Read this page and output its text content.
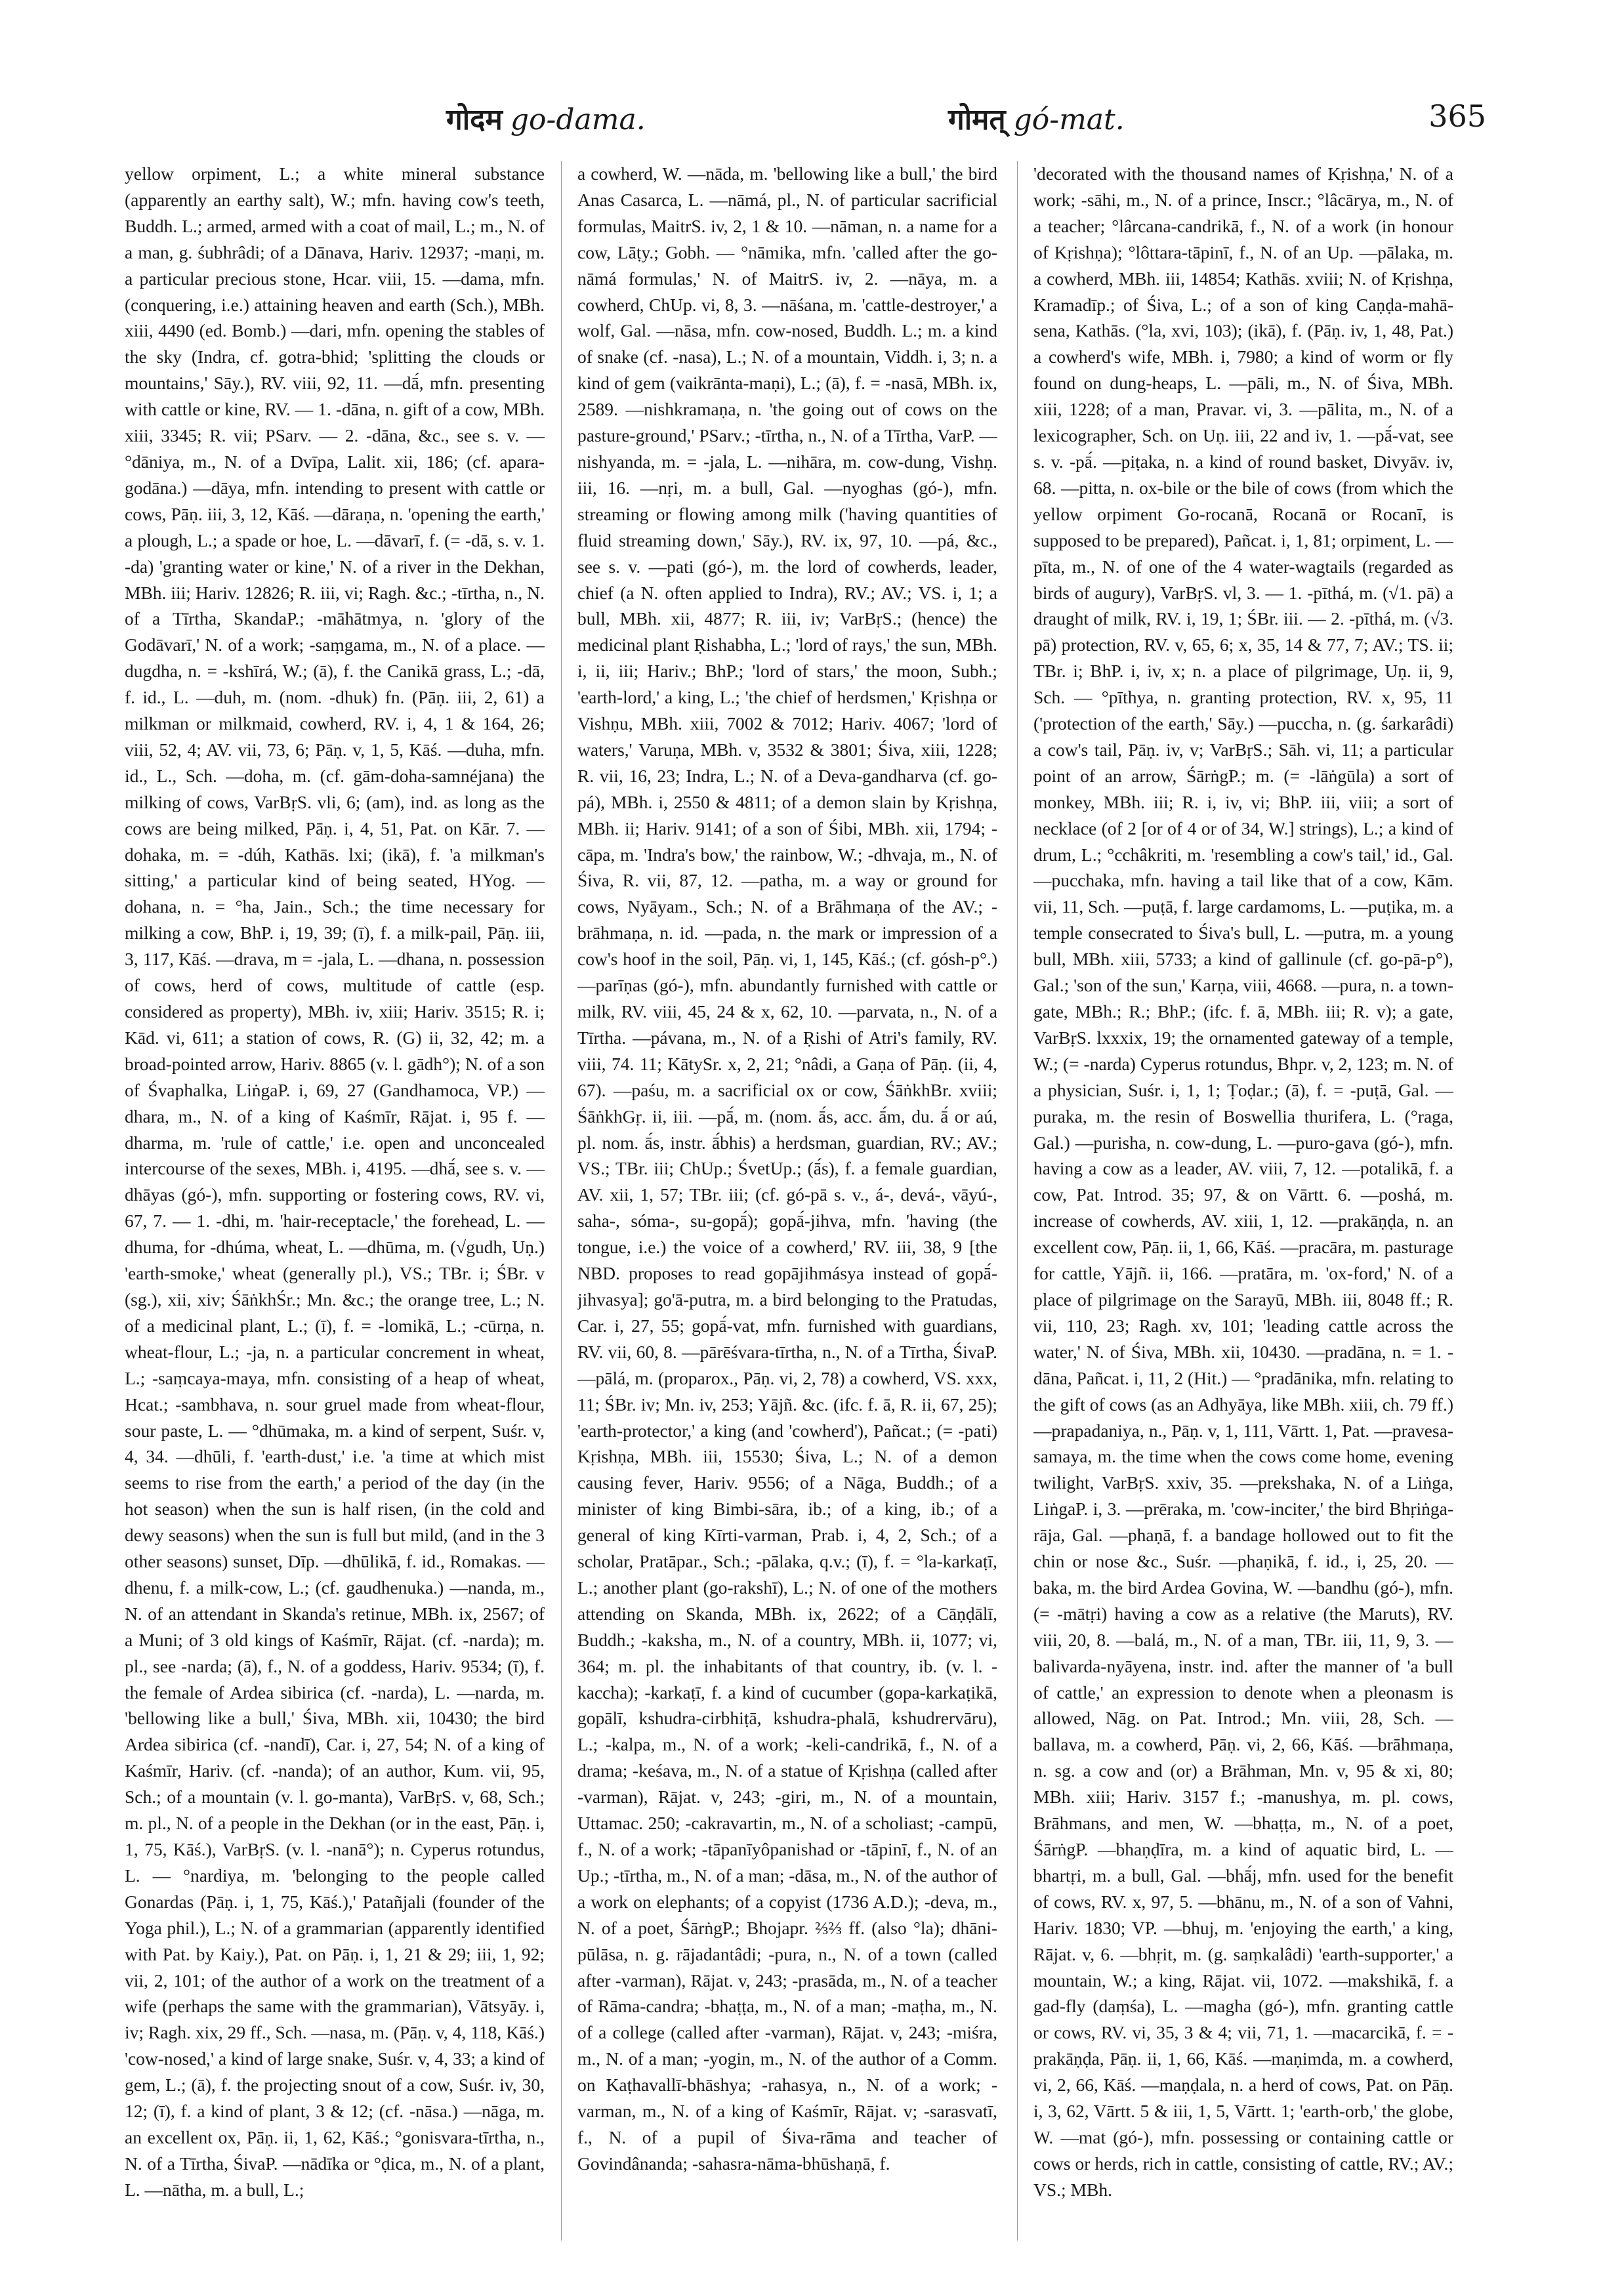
गोदम go-dama.	गोमत् gó-mat.	365

yellow orpiment, L.; a white mineral substance (apparently an earthy salt), W.; mfn. having cow's teeth, Buddh. L.; armed, armed with a coat of mail, L.; m., N. of a man, g. śubhrâdi; of a Dānava, Hariv. 12937; -maṇi, m. a particular precious stone, Hcar. viii, 15. —dama, mfn. (conquering, i.e.) attaining heaven and earth (Sch.), MBh. xiii, 4490 (ed. Bomb.) —dari, mfn. opening the stables of the sky (Indra, cf. gotra-bhid; 'splitting the clouds or mountains,' Sāy.), RV. viii, 92, 11. —dā́, mfn. presenting with cattle or kine, RV. — 1. -dāna, n. gift of a cow, MBh. xiii, 3345; R. vii; PSarv. — 2. -dāna, &c., see s. v. — °dāniya, m., N. of a Dvīpa, Lalit. xii, 186; (cf. apara-godāna.) —dāya, mfn. intending to present with cattle or cows, Pāṇ. iii, 3, 12, Kāś. —dāraṇa, n. 'opening the earth,' a plough, L.; a spade or hoe, L. —dāvarī, f. (= -dā, s. v. 1. -da) 'granting water or kine,' N. of a river in the Dekhan, MBh. iii; Hariv. 12826; R. iii, vi; Ragh. &c.; -tīrtha, n., N. of a Tīrtha, SkandaP.; -māhātmya, n. 'glory of the Godāvarī,' N. of a work; -saṃgama, m., N. of a place. —dugdha, n. = -kshīrá, W.; (ā), f. the Canikā grass, L.; -dā, f. id., L. —duh, m. (nom. -dhuk) fn. (Pāṇ. iii, 2, 61) a milkman or milkmaid, cowherd, RV. i, 4, 1 & 164, 26; viii, 52, 4; AV. vii, 73, 6; Pāṇ. v, 1, 5, Kāś. —duha, mfn. id., L., Sch. —doha, m. (cf. gām-doha-samnéjana) the milking of cows, VarBṛS. vli, 6; (am), ind. as long as the cows are being milked, Pāṇ. i, 4, 51, Pat. on Kār. 7. —dohaka, m. = -dúh, Kathās. lxi; (ikā), f. 'a milkman's sitting,' a particular kind of being seated, HYog. —dohana, n. = °ha, Jain., Sch.; the time necessary for milking a cow, BhP. i, 19, 39; (ī), f. a milk-pail, Pāṇ. iii, 3, 117, Kāś. —drava, m = -jala, L. —dhana, n. possession of cows, herd of cows, multitude of cattle (esp. considered as property), MBh. iv, xiii; Hariv. 3515; R. i; Kād. vi, 611; a station of cows, R. (G) ii, 32, 42; m. a broad-pointed arrow, Hariv. 8865 (v. l. gādh°); N. of a son of Śvaphalka, LiṅgaP. i, 69, 27 (Gandhamoca, VP.) —dhara, m., N. of a king of Kaśmīr, Rājat. i, 95 f. —dharma, m. 'rule of cattle,' i.e. open and unconcealed intercourse of the sexes, MBh. i, 4195. —dhā́, see s. v. —dhāyas (gó-), mfn. supporting or fostering cows, RV. vi, 67, 7. — 1. -dhi, m. 'hair-receptacle,' the forehead, L. —dhuma, for -dhúma, wheat, L. —dhūma, m. (√gudh, Uṇ.) 'earth-smoke,' wheat (generally pl.), VS.; TBr. i; ŚBr. v (sg.), xii, xiv; ŚāṅkhŚr.; Mn. &c.; the orange tree, L.; N. of a medicinal plant, L.; (ī), f. = -lomikā, L.; -cūrṇa, n. wheat-flour, L.; -ja, n. a particular concrement in wheat, L.; -saṃcaya-maya, mfn. consisting of a heap of wheat, Hcat.; -sambhava, n. sour gruel made from wheat-flour, sour paste, L. — °dhūmaka, m. a kind of serpent, Suśr. v, 4, 34. —dhūli, f. 'earth-dust,' i.e. 'a time at which mist seems to rise from the earth,' a period of the day (in the hot season) when the sun is half risen, (in the cold and dewy seasons) when the sun is full but mild, (and in the 3 other seasons) sunset, Dīp. —dhūlikā, f. id., Romakas. —dhenu, f. a milk-cow, L.; (cf. gaudhenuka.) —nanda, m., N. of an attendant in Skanda's retinue, MBh. ix, 2567; of a Muni; of 3 old kings of Kaśmīr, Rājat. (cf. -narda); m. pl., see -narda; (ā), f., N. of a goddess, Hariv. 9534; (ī), f. the female of Ardea sibirica (cf. -narda), L. —narda, m. 'bellowing like a bull,' Śiva, MBh. xii, 10430; the bird Ardea sibirica (cf. -nandī), Car. i, 27, 54; N. of a king of Kaśmīr, Hariv. (cf. -nanda); of an author, Kum. vii, 95, Sch.; of a mountain (v. l. go-manta), VarBṛS. v, 68, Sch.; m. pl., N. of a people in the Dekhan (or in the east, Pāṇ. i, 1, 75, Kāś.), VarBṛS. (v. l. -nanā°); n. Cyperus rotundus, L. — °nardiya, m. 'belonging to the people called Gonardas (Pāṇ. i, 1, 75, Kāś.),' Patañjali (founder of the Yoga phil.), L.; N. of a grammarian (apparently identified with Pat. by Kaiy.), Pat. on Pāṇ. i, 1, 21 & 29; iii, 1, 92; vii, 2, 101; of the author of a work on the treatment of a wife (perhaps the same with the grammarian), Vātsyāy. i, iv; Ragh. xix, 29 ff., Sch. —nasa, m. (Pāṇ. v, 4, 118, Kāś.) 'cow-nosed,' a kind of large snake, Suśr. v, 4, 33; a kind of gem, L.; (ā), f. the projecting snout of a cow, Suśr. iv, 30, 12; (ī), f. a kind of plant, 3 & 12; (cf. -nāsa.) —nāga, m. an excellent ox, Pāṇ. ii, 1, 62, Kāś.; °gonisvara-tīrtha, n., N. of a Tīrtha, ŚivaP. —nādīka or °ḍica, m., N. of a plant, L. —nātha, m. a bull, L.;

a cowherd, W. —nāda, m. 'bellowing like a bull,' the bird Anas Casarca, L. —nāmá, pl., N. of particular sacrificial formulas, MaitrS. iv, 2, 1 & 10. —nāman, n. a name for a cow, Lāṭy.; Gobh. — °nāmika, mfn. 'called after the go-nāmá formulas,' N. of MaitrS. iv, 2. —nāya, m. a cowherd, ChUp. vi, 8, 3. —nāśana, m. 'cattle-destroyer,' a wolf, Gal. —nāsa, mfn. cow-nosed, Buddh. L.; m. a kind of snake (cf. -nasa), L.; N. of a mountain, Viddh. i, 3; n. a kind of gem (vaikrānta-maṇi), L.; (ā), f. = -nasā, MBh. ix, 2589. —nishkramaṇa, n. 'the going out of cows on the pasture-ground,' PSarv.; -tīrtha, n., N. of a Tīrtha, VarP. —nishyanda, m. = -jala, L. —nihāra, m. cow-dung, Vishṇ. iii, 16. —nṛi, m. a bull, Gal. —nyoghas (gó-), mfn. streaming or flowing among milk ('having quantities of fluid streaming down,' Sāy.), RV. ix, 97, 10. —pá, &c., see s. v. —pati (gó-), m. the lord of cowherds, leader, chief (a N. often applied to Indra), RV.; AV.; VS. i, 1; a bull, MBh. xii, 4877; R. iii, iv; VarBṛS.; (hence) the medicinal plant Ṛishabha, L.; 'lord of rays,' the sun, MBh. i, ii, iii; Hariv.; BhP.; 'lord of stars,' the moon, Subh.; 'earth-lord,' a king, L.; 'the chief of herdsmen,' Kṛishṇa or Vishṇu, MBh. xiii, 7002 & 7012; Hariv. 4067; 'lord of waters,' Varuṇa, MBh. v, 3532 & 3801; Śiva, xiii, 1228; R. vii, 16, 23; Indra, L.; N. of a Deva-gandharva (cf. go-pá), MBh. i, 2550 & 4811; of a demon slain by Kṛishṇa, MBh. ii; Hariv. 9141; of a son of Śibi, MBh. xii, 1794; -cāpa, m. 'Indra's bow,' the rainbow, W.; -dhvaja, m., N. of Śiva, R. vii, 87, 12. —patha, m. a way or ground for cows, Nyāyam., Sch.; N. of a Brāhmaṇa of the AV.; -brāhmaṇa, n. id. —pada, n. the mark or impression of a cow's hoof in the soil, Pāṇ. vi, 1, 145, Kāś.; (cf. gósh-p°.) —parīṇas (gó-), mfn. abundantly furnished with cattle or milk, RV. viii, 45, 24 & x, 62, 10. —parvata, n., N. of a Tīrtha. —pávana, m., N. of a Ṛishi of Atri's family, RV. viii, 74. 11; KātySr. x, 2, 21; °nâdi, a Gaṇa of Pāṇ. (ii, 4, 67). —paśu, m. a sacrificial ox or cow, ŚāṅkhBr. xviii; ŚāṅkhGṛ. ii, iii. —pā́, m. (nom. ā́s, acc. ā́m, du. ā́ or aú, pl. nom. ā́s, instr. ā́bhis) a herdsman, guardian, RV.; AV.; VS.; TBr. iii; ChUp.; ŚvetUp.; (ā́s), f. a female guardian, AV. xii, 1, 57; TBr. iii; (cf. gó-pā s. v., á-, devá-, vāyú-, saha-, sóma-, su-gopā́); gopā́-jihva, mfn. 'having (the tongue, i.e.) the voice of a cowherd,' RV. iii, 38, 9 [the NBD. proposes to read gopājihmásya instead of gopā́-jihvasya]; go'ā-putra, m. a bird belonging to the Pratudas, Car. i, 27, 55; gopā́-vat, mfn. furnished with guardians, RV. vii, 60, 8. —pārēśvara-tīrtha, n., N. of a Tīrtha, ŚivaP. —pālá, m. (proparox., Pāṇ. vi, 2, 78) a cowherd, VS. xxx, 11; ŚBr. iv; Mn. iv, 253; Yājñ. &c. (ifc. f. ā, R. ii, 67, 25); 'earth-protector,' a king (and 'cowherd'), Pañcat.; (= -pati) Kṛishṇa, MBh. iii, 15530; Śiva, L.; N. of a demon causing fever, Hariv. 9556; of a Nāga, Buddh.; of a minister of king Bimbi-sāra, ib.; of a king, ib.; of a general of king Kīrti-varman, Prab. i, 4, 2, Sch.; of a scholar, Pratāpar., Sch.; -pālaka, q.v.; (ī), f. = °la-karkaṭī, L.; another plant (go-rakshī), L.; N. of one of the mothers attending on Skanda, MBh. ix, 2622; of a Cāṇḍālī, Buddh.; -kaksha, m., N. of a country, MBh. ii, 1077; vi, 364; m. pl. the inhabitants of that country, ib. (v. l. -kaccha); -karkaṭī, f. a kind of cucumber (gopa-karkaṭikā, gopālī, kshudra-cirbhiṭā, kshudra-phalā, kshudrervāru), L.; -kalpa, m., N. of a work; -keli-candrikā, f., N. of a drama; -keśava, m., N. of a statue of Kṛishṇa (called after -varman), Rājat. v, 243; -giri, m., N. of a mountain, Uttamac. 250; -cakravartin, m., N. of a scholiast; -campū, f., N. of a work; -tāpanīyôpanishad or -tāpinī, f., N. of an Up.; -tīrtha, m., N. of a man; -dāsa, m., N. of the author of a work on elephants; of a copyist (1736 A.D.); -deva, m., N. of a poet, ŚārṅgP.; Bhojapr. ⅔⅔ ff. (also °la); dhāni-pūlāsa, n. g. rājadantâdi; -pura, n., N. of a town (called after -varman), Rājat. v, 243; -prasāda, m., N. of a teacher of Rāma-candra; -bhaṭṭa, m., N. of a man; -maṭha, m., N. of a college (called after -varman), Rājat. v, 243; -miśra, m., N. of a man; -yogin, m., N. of the author of a Comm. on Kaṭhavallī-bhāshya; -rahasya, n., N. of a work; -varman, m., N. of a king of Kaśmīr, Rājat. v; -sarasvatī, f., N. of a pupil of Śiva-rāma and teacher of Govindânanda; -sahasra-nāma-bhūshaṇā, f.

'decorated with the thousand names of Kṛishṇa,' N. of a work; -sāhi, m., N. of a prince, Inscr.; °lâcārya, m., N. of a teacher; °lârcana-candrikā, f., N. of a work (in honour of Kṛishṇa); °lôttara-tāpinī, f., N. of an Up. —pālaka, m. a cowherd, MBh. iii, 14854; Kathās. xviii; N. of Kṛishṇa, Kramadīp.; of Śiva, L.; of a son of king Caṇḍa-mahā-sena, Kathās. (°la, xvi, 103); (ikā), f. (Pāṇ. iv, 1, 48, Pat.) a cowherd's wife, MBh. i, 7980; a kind of worm or fly found on dung-heaps, L. —pāli, m., N. of Śiva, MBh. xiii, 1228; of a man, Pravar. vi, 3. —pālita, m., N. of a lexicographer, Sch. on Uṇ. iii, 22 and iv, 1. —pā́-vat, see s. v. -pā́. —piṭaka, n. a kind of round basket, Divyāv. iv, 68. —pitta, n. ox-bile or the bile of cows (from which the yellow orpiment Go-rocanā, Rocanā or Rocanī, is supposed to be prepared), Pañcat. i, 1, 81; orpiment, L. —pīta, m., N. of one of the 4 water-wagtails (regarded as birds of augury), VarBṛS. vl, 3. — 1. -pīthá, m. (√1. pā) a draught of milk, RV. i, 19, 1; ŚBr. iii. — 2. -pīthá, m. (√3. pā) protection, RV. v, 65, 6; x, 35, 14 & 77, 7; AV.; TS. ii; TBr. i; BhP. i, iv, x; n. a place of pilgrimage, Uṇ. ii, 9, Sch. — °pīthya, n. granting protection, RV. x, 95, 11 ('protection of the earth,' Sāy.) —puccha, n. (g. śarkarâdi) a cow's tail, Pāṇ. iv, v; VarBṛS.; Sāh. vi, 11; a particular point of an arrow, ŚārṅgP.; m. (= -lāṅgūla) a sort of monkey, MBh. iii; R. i, iv, vi; BhP. iii, viii; a sort of necklace (of 2 [or of 4 or of 34, W.] strings), L.; a kind of drum, L.; °cchâkriti, m. 'resembling a cow's tail,' id., Gal. —pucchaka, mfn. having a tail like that of a cow, Kām. vii, 11, Sch. —puṭā, f. large cardamoms, L. —puṭika, m. a temple consecrated to Śiva's bull, L. —putra, m. a young bull, MBh. xiii, 5733; a kind of gallinule (cf. go-pā-p°), Gal.; 'son of the sun,' Karṇa, viii, 4668. —pura, n. a town-gate, MBh.; R.; BhP.; (ifc. f. ā, MBh. iii; R. v); a gate, VarBṛS. lxxxix, 19; the ornamented gateway of a temple, W.; (= -narda) Cyperus rotundus, Bhpr. v, 2, 123; m. N. of a physician, Suśr. i, 1, 1; Ṭoḍar.; (ā), f. = -puṭā, Gal. —puraka, m. the resin of Boswellia thurifera, L. (°raga, Gal.) —purisha, n. cow-dung, L. —puro-gava (gó-), mfn. having a cow as a leader, AV. viii, 7, 12. —potalikā, f. a cow, Pat. Introd. 35; 97, & on Vārtt. 6. —poshá, m. increase of cowherds, AV. xiii, 1, 12. —prakāṇḍa, n. an excellent cow, Pāṇ. ii, 1, 66, Kāś. —pracāra, m. pasturage for cattle, Yājñ. ii, 166. —pratāra, m. 'ox-ford,' N. of a place of pilgrimage on the Sarayū, MBh. iii, 8048 ff.; R. vii, 110, 23; Ragh. xv, 101; 'leading cattle across the water,' N. of Śiva, MBh. xii, 10430. —pradāna, n. = 1. -dāna, Pañcat. i, 11, 2 (Hit.) — °pradānika, mfn. relating to the gift of cows (as an Adhyāya, like MBh. xiii, ch. 79 ff.) —prapadaniya, n., Pāṇ. v, 1, 111, Vārtt. 1, Pat. —pravesa-samaya, m. the time when the cows come home, evening twilight, VarBṛS. xxiv, 35. —prekshaka, N. of a Liṅga, LiṅgaP. i, 3. —prēraka, m. 'cow-inciter,' the bird Bhṛiṅga-rāja, Gal. —phaṇā, f. a bandage hollowed out to fit the chin or nose &c., Suśr. —phaṇikā, f. id., i, 25, 20. —baka, m. the bird Ardea Govina, W. —bandhu (gó-), mfn. (= -mātṛi) having a cow as a relative (the Maruts), RV. viii, 20, 8. —balá, m., N. of a man, TBr. iii, 11, 9, 3. —balivarda-nyāyena, instr. ind. after the manner of 'a bull of cattle,' an expression to denote when a pleonasm is allowed, Nāg. on Pat. Introd.; Mn. viii, 28, Sch. —ballava, m. a cowherd, Pāṇ. vi, 2, 66, Kāś. —brāhmaṇa, n. sg. a cow and (or) a Brāhman, Mn. v, 95 & xi, 80; MBh. xiii; Hariv. 3157 f.; -manushya, m. pl. cows, Brāhmans, and men, W. —bhaṭṭa, m., N. of a poet, ŚārṅgP. —bhaṇḍīra, m. a kind of aquatic bird, L. —bhartṛi, m. a bull, Gal. —bhā́j, mfn. used for the benefit of cows, RV. x, 97, 5. —bhānu, m., N. of a son of Vahni, Hariv. 1830; VP. —bhuj, m. 'enjoying the earth,' a king, Rājat. v, 6. —bhṛit, m. (g. saṃkalâdi) 'earth-supporter,' a mountain, W.; a king, Rājat. vii, 1072. —makshikā, f. a gad-fly (daṃśa), L. —magha (gó-), mfn. granting cattle or cows, RV. vi, 35, 3 & 4; vii, 71, 1. —macarcikā, f. = -prakāṇḍa, Pāṇ. ii, 1, 66, Kāś. —maṇimda, m. a cowherd, vi, 2, 66, Kāś. —maṇḍala, n. a herd of cows, Pat. on Pāṇ. i, 3, 62, Vārtt. 5 & iii, 1, 5, Vārtt. 1; 'earth-orb,' the globe, W. —mat (gó-), mfn. possessing or containing cattle or cows or herds, rich in cattle, consisting of cattle, RV.; AV.; VS.; MBh.
